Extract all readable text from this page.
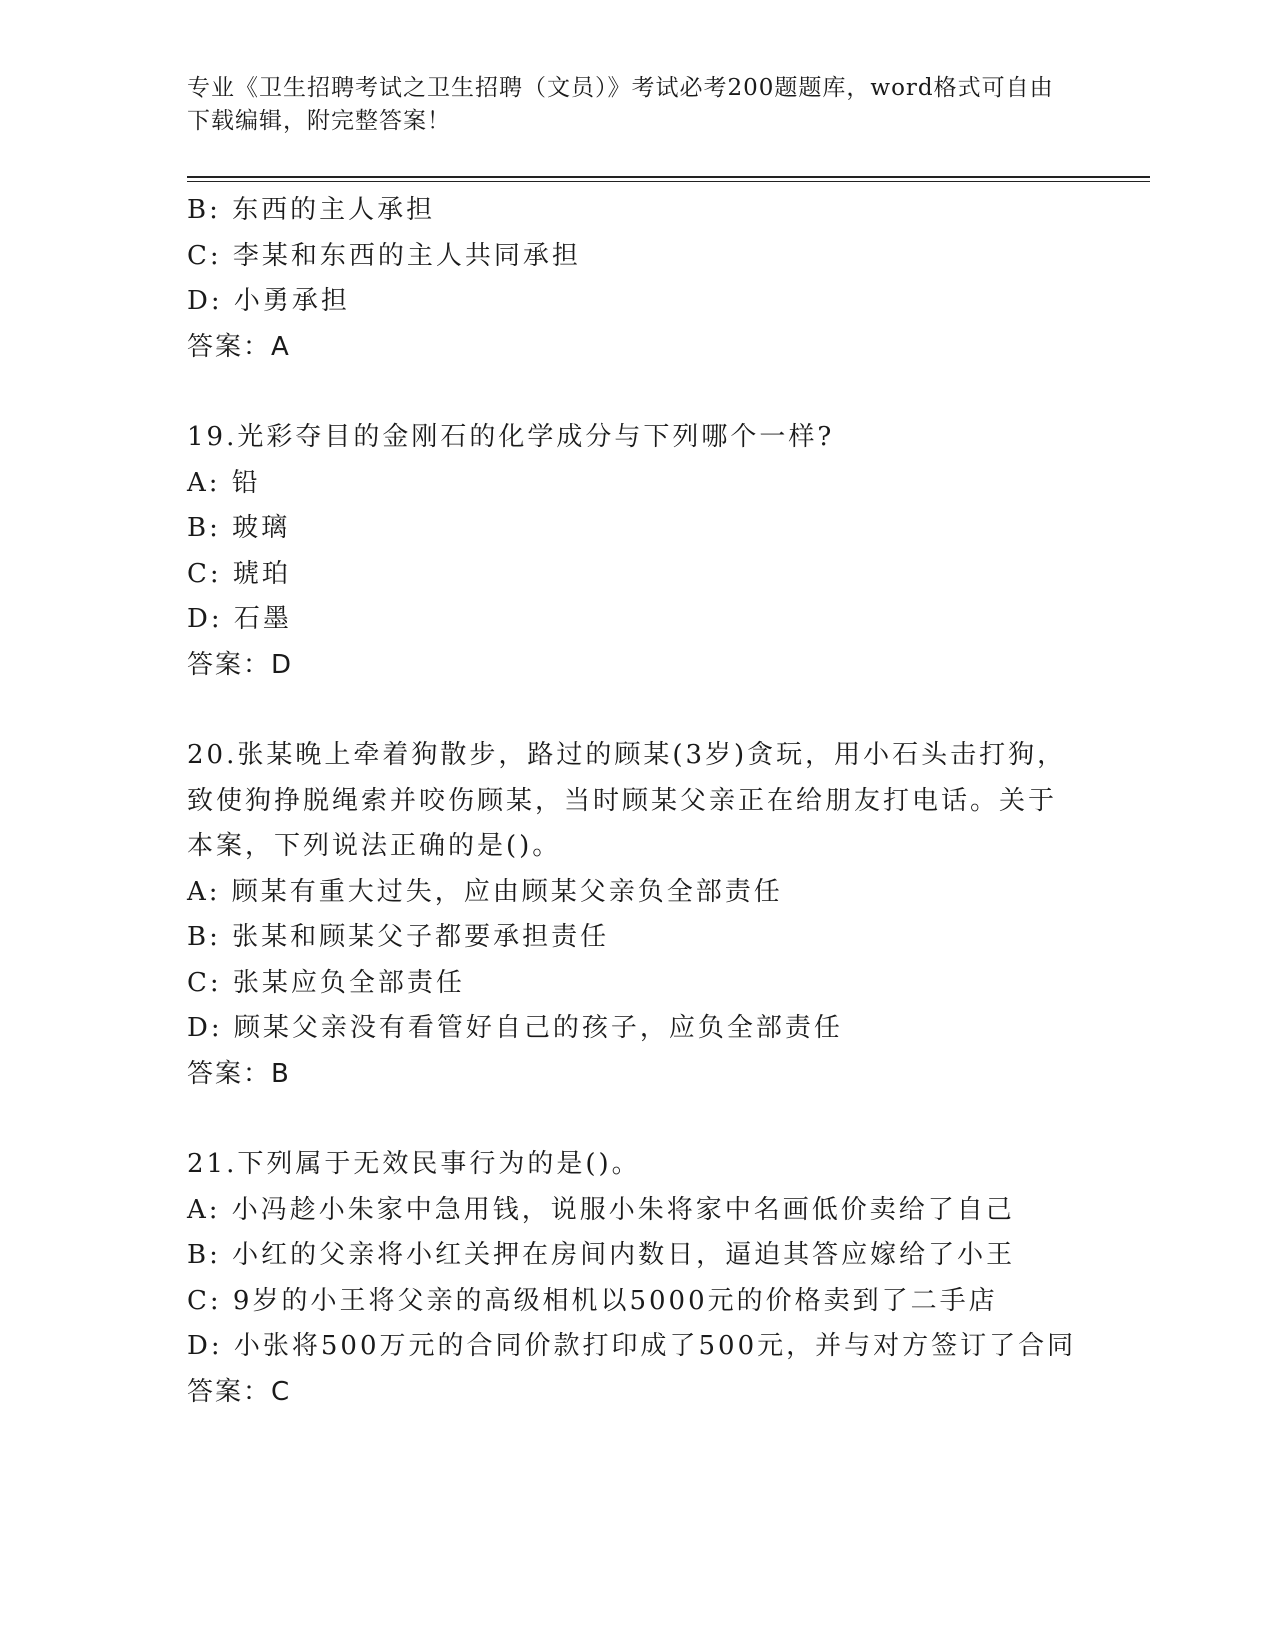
专业《卫生招聘考试之卫生招聘（文员）》考试必考200题题库，word格式可自由下载编辑，附完整答案！
B: 东西的主人承担
C: 李某和东西的主人共同承担
D: 小勇承担
答案：A
19.光彩夺目的金刚石的化学成分与下列哪个一样?
A: 铅
B: 玻璃
C: 琥珀
D: 石墨
答案：D
20.张某晚上牵着狗散步，路过的顾某(3岁)贪玩，用小石头击打狗，
致使狗挣脱绳索并咬伤顾某，当时顾某父亲正在给朋友打电话。关于
本案，下列说法正确的是()。
A: 顾某有重大过失，应由顾某父亲负全部责任
B: 张某和顾某父子都要承担责任
C: 张某应负全部责任
D: 顾某父亲没有看管好自己的孩子，应负全部责任
答案：B
21.下列属于无效民事行为的是()。
A: 小冯趁小朱家中急用钱，说服小朱将家中名画低价卖给了自己
B: 小红的父亲将小红关押在房间内数日，逼迫其答应嫁给了小王
C: 9岁的小王将父亲的高级相机以5000元的价格卖到了二手店
D: 小张将500万元的合同价款打印成了500元，并与对方签订了合同
答案：C
